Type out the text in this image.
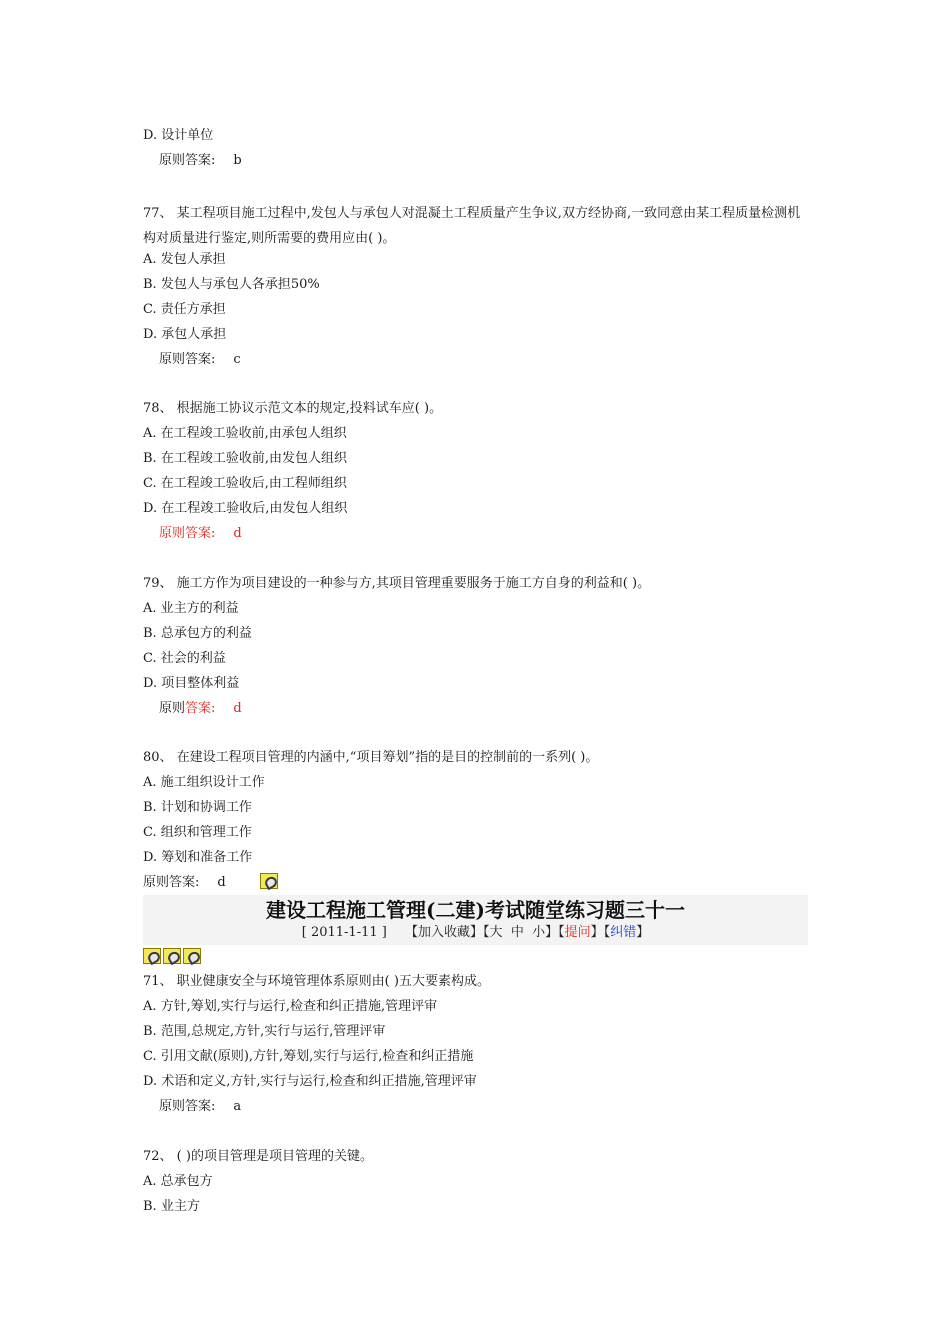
D. 设计单位
原则答案: b
77、 某工程项目施工过程中,发包人与承包人对混凝土工程质量产生争议,双方经协商,一致同意由某工程质量检测机构对质量进行鉴定,则所需要的费用应由( )。
A. 发包人承担
B. 发包人与承包人各承担50%
C. 责任方承担
D. 承包人承担
原则答案: c
78、 根据施工协议示范文本的规定,投料试车应( )。
A. 在工程竣工验收前,由承包人组织
B. 在工程竣工验收前,由发包人组织
C. 在工程竣工验收后,由工程师组织
D. 在工程竣工验收后,由发包人组织
原则答案: d
79、 施工方作为项目建设的一种参与方,其项目管理重要服务于施工方自身的利益和( )。
A. 业主方的利益
B. 总承包方的利益
C. 社会的利益
D. 项目整体利益
原则答案: d
80、 在建设工程项目管理的内涵中,“项目筹划”指的是目的控制前的一系列( )。
A. 施工组织设计工作
B. 计划和协调工作
C. 组织和管理工作
D. 筹划和准备工作
原则答案: d
71、 职业健康安全与环境管理体系原则由( )五大要素构成。
A. 方针,筹划,实行与运行,检查和纠正措施,管理评审
B. 范围,总规定,方针,实行与运行,管理评审
C. 引用文献(原则),方针,筹划,实行与运行,检查和纠正措施
D. 术语和定义,方针,实行与运行,检查和纠正措施,管理评审
原则答案: a
72、 ( )的项目管理是项目管理的关键。
A. 总承包方
B. 业主方
建设工程施工管理(二建)考试随堂练习题三十一
[ 2011-1-11 ] 【加入收藏】【大 中 小】【提问】【纠错】
